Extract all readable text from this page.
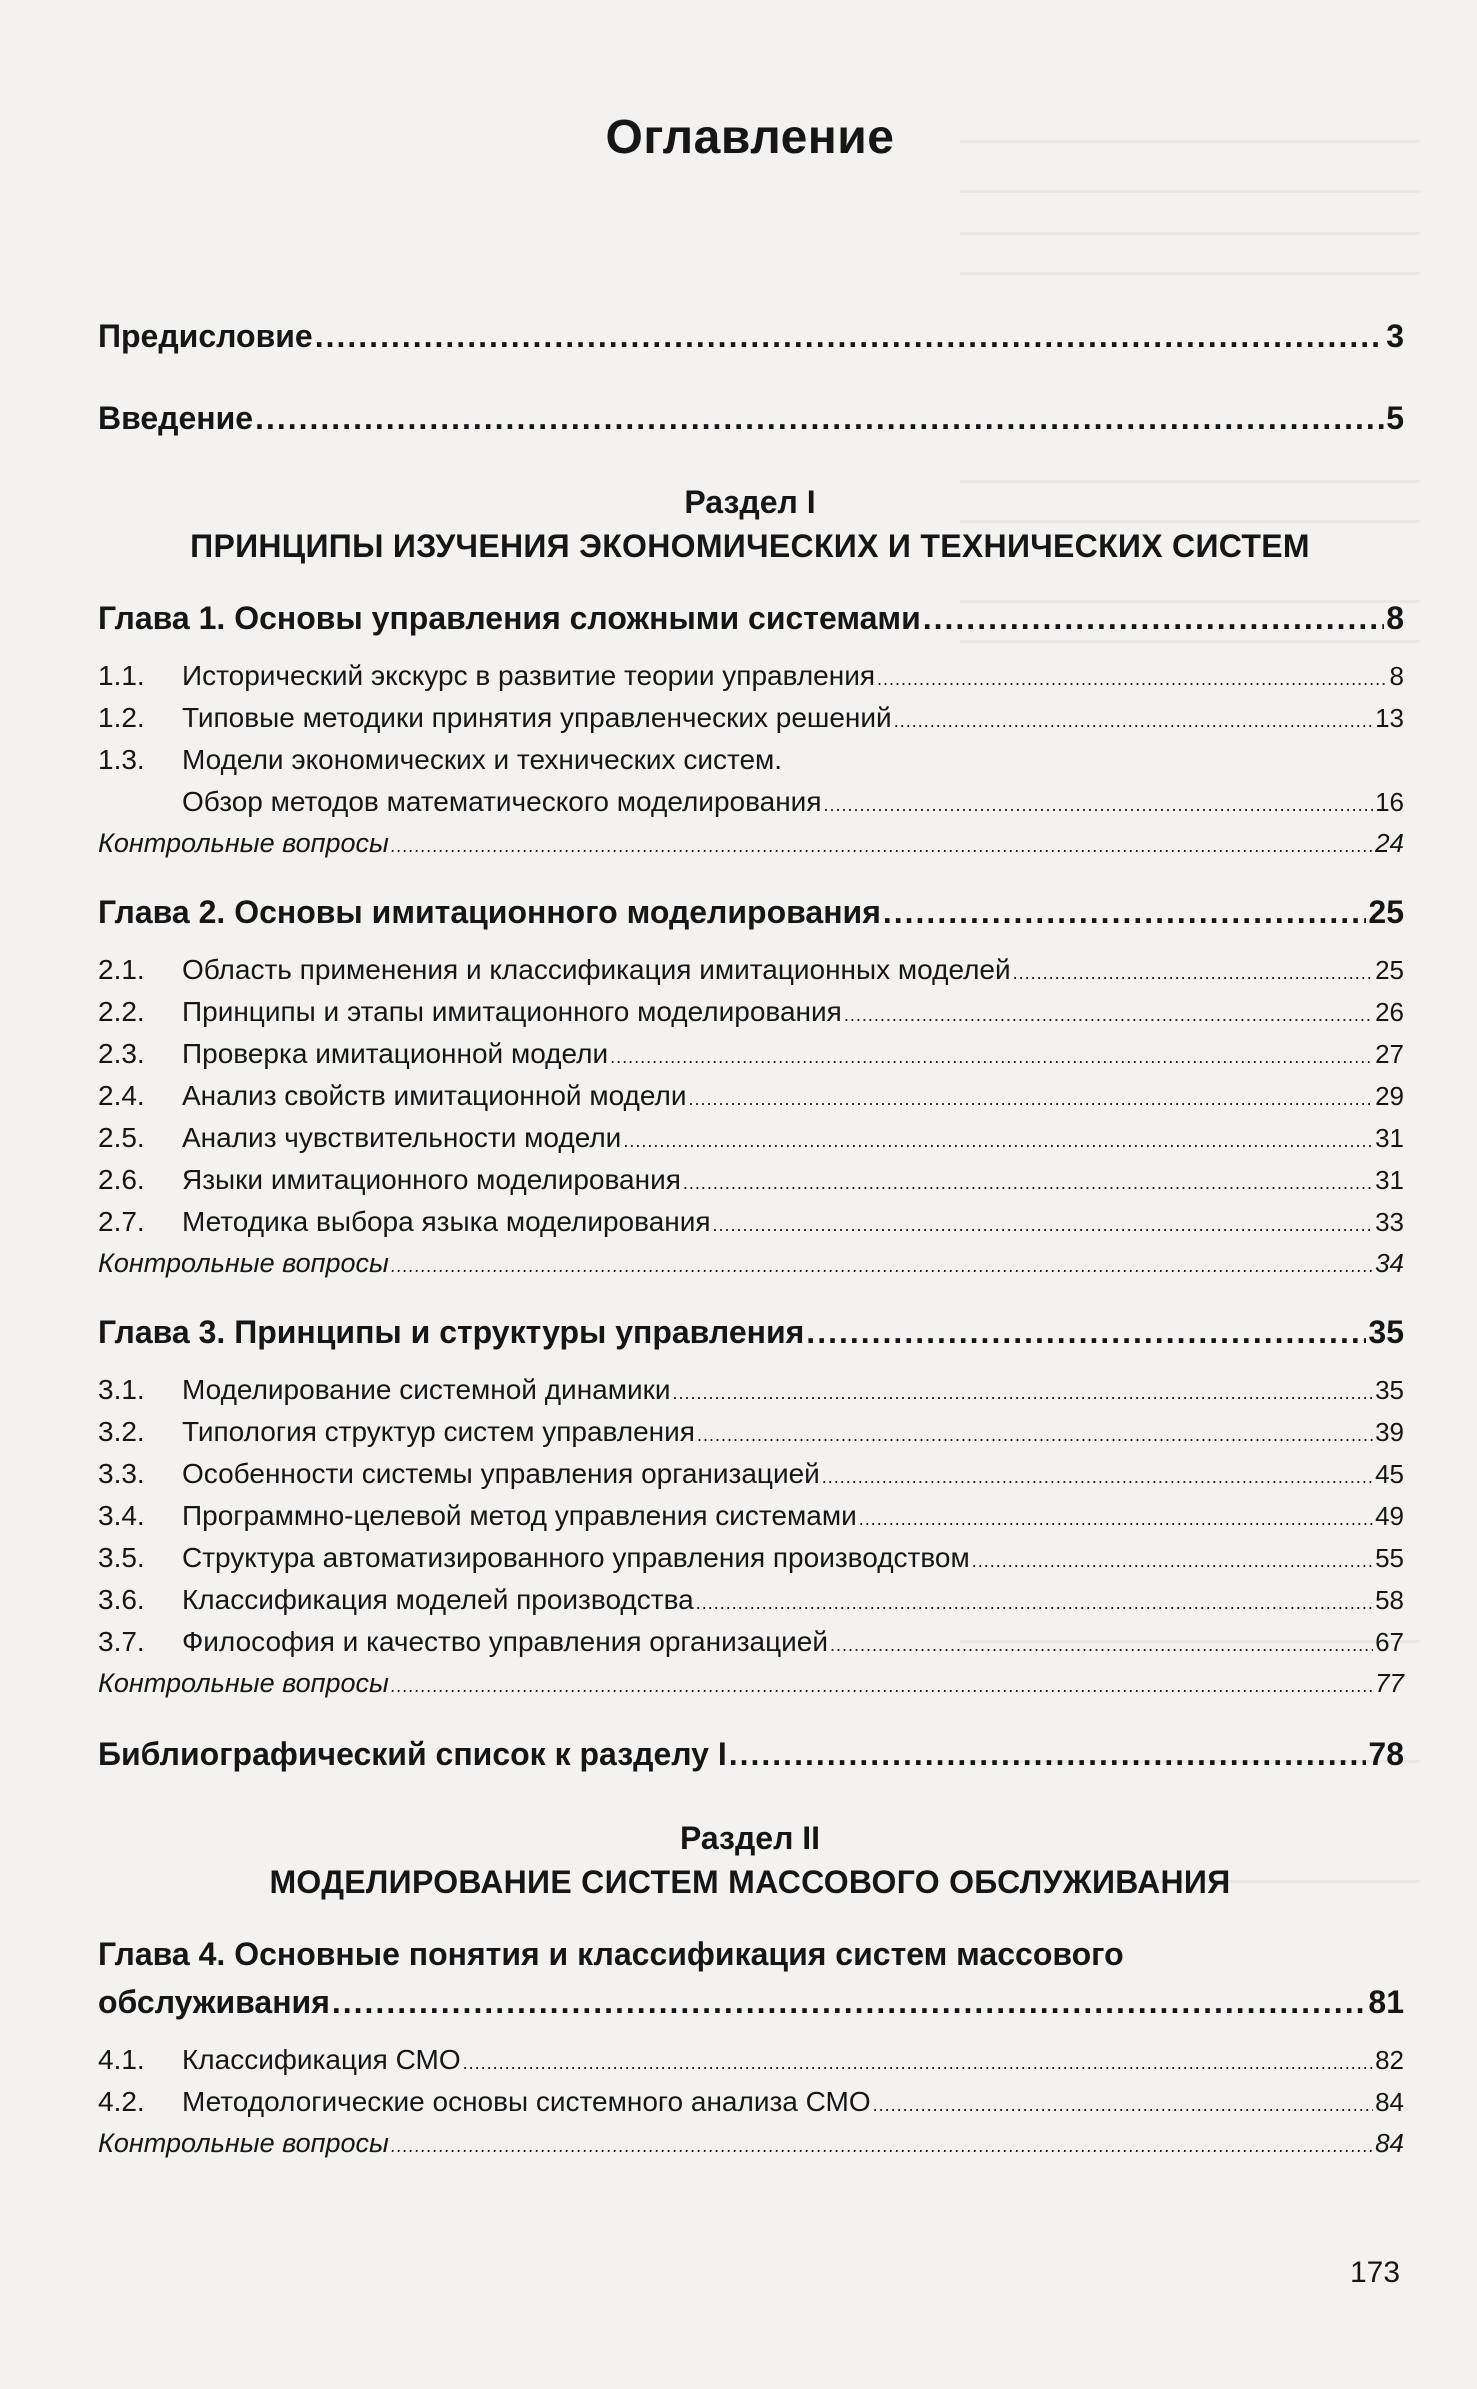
Оглавление
Предисловие .....	3
Введение .....	5
Раздел I
ПРИНЦИПЫ ИЗУЧЕНИЯ ЭКОНОМИЧЕСКИХ И ТЕХНИЧЕСКИХ СИСТЕМ
Глава 1. Основы управления сложными системами .....	8
1.1.	Исторический экскурс в развитие теории управления .....	8
1.2.	Типовые методики принятия управленческих решений .....	13
1.3.	Модели экономических и технических систем.
Обзор методов математического моделирования .....	16
Контрольные вопросы .....	24
Глава 2. Основы имитационного моделирования .....	25
2.1.	Область применения и классификация имитационных моделей .....	25
2.2.	Принципы и этапы имитационного моделирования .....	26
2.3.	Проверка имитационной модели .....	27
2.4.	Анализ свойств имитационной модели .....	29
2.5.	Анализ чувствительности модели .....	31
2.6.	Языки имитационного моделирования .....	31
2.7.	Методика выбора языка моделирования .....	33
Контрольные вопросы .....	34
Глава 3. Принципы и структуры управления .....	35
3.1.	Моделирование системной динамики .....	35
3.2.	Типология структур систем управления .....	39
3.3.	Особенности системы управления организацией .....	45
3.4.	Программно-целевой метод управления системами .....	49
3.5.	Структура автоматизированного управления производством .....	55
3.6.	Классификация моделей производства .....	58
3.7.	Философия и качество управления организацией .....	67
Контрольные вопросы .....	77
Библиографический список к разделу I .....	78
Раздел II
МОДЕЛИРОВАНИЕ СИСТЕМ МАССОВОГО ОБСЛУЖИВАНИЯ
Глава 4. Основные понятия и классификация систем массового
обслуживания .....	81
4.1.	Классификация СМО .....	82
4.2.	Методологические основы системного анализа СМО .....	84
Контрольные вопросы .....	84
173
